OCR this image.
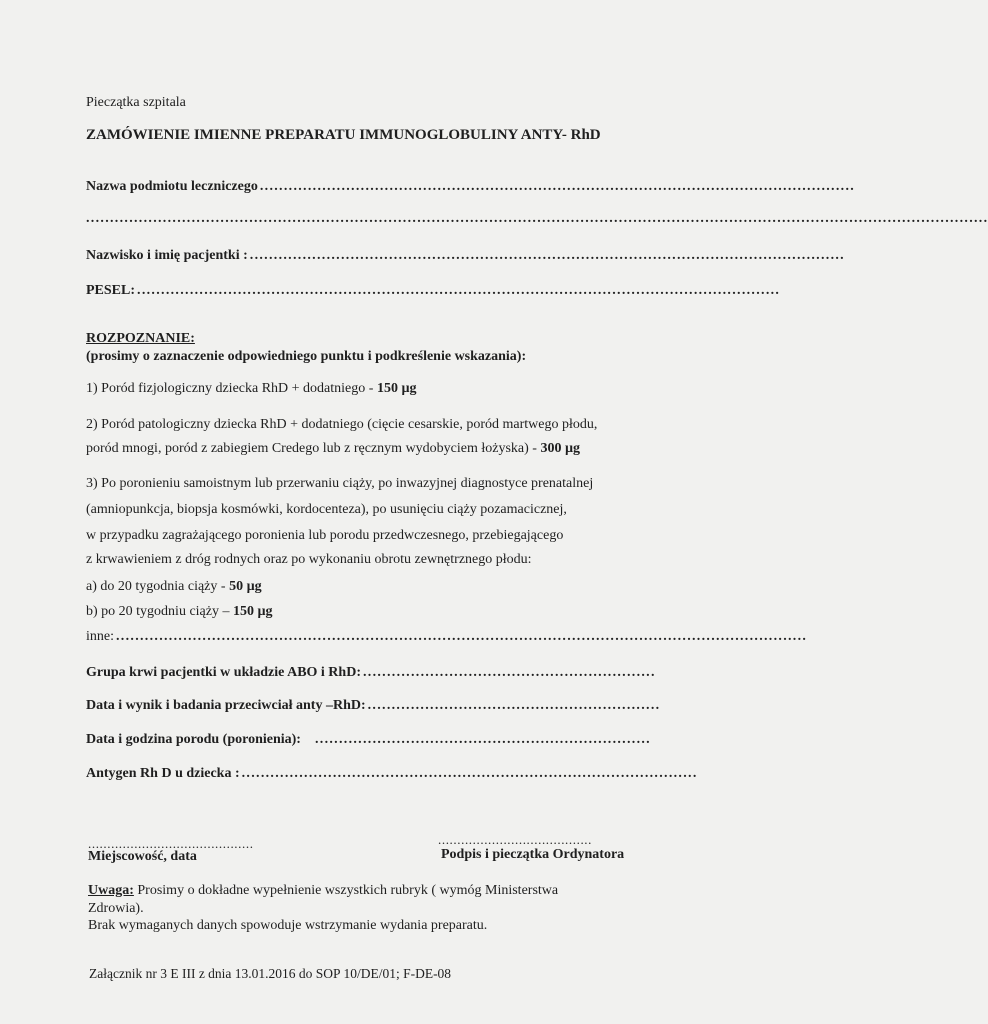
Pieczątka szpitala
ZAMÓWIENIE IMIENNE PREPARATU IMMUNOGLOBULINY ANTY- RhD
Nazwa podmiotu leczniczego ............................................................................................................................
............................................................................................................................................................................................
Nazwisko i imię pacjentki : ............................................................................................................................
PESEL: ......................................................................................................................................
ROZPOZNANIE:
(prosimy o zaznaczenie odpowiedniego punktu i podkreślenie wskazania):
1) Poród fizjologiczny dziecka RhD + dodatniego - 150 µg
2) Poród patologiczny dziecka RhD + dodatniego (cięcie cesarskie, poród martwego płodu,
poród mnogi, poród z zabiegiem Credego lub z ręcznym wydobyciem łożyska) - 300 µg
3) Po poronieniu samoistnym lub przerwaniu ciąży, po inwazyjnej diagnostyce prenatalnej
(amniopunkcja, biopsja kosmówki, kordocenteza), po usunięciu ciąży pozamacicznej,
w przypadku zagrażającego poronienia lub porodu przedwczesnego, przebiegającego
z krwawieniem z dróg rodnych oraz po wykonaniu obrotu zewnętrznego płodu:
a) do 20 tygodnia ciąży - 50 µg
b) po 20 tygodniu ciąży – 150 µg
inne: ................................................................................................................................................
Grupa krwi pacjentki w układzie ABO i RhD: .............................................................
Data i wynik i badania przeciwciał anty –RhD: .............................................................
Data i godzina porodu (poronienia): ......................................................................
Antygen Rh D u dziecka : ...............................................................................................
...........................................	........................................
Miejscowość, data	Podpis i pieczątka Ordynatora
Uwaga: Prosimy o dokładne wypełnienie wszystkich rubryk ( wymóg Ministerstwa
Zdrowia).
Brak wymaganych danych spowoduje wstrzymanie wydania preparatu.
Załącznik nr 3 E III z dnia 13.01.2016 do SOP 10/DE/01; F-DE-08
